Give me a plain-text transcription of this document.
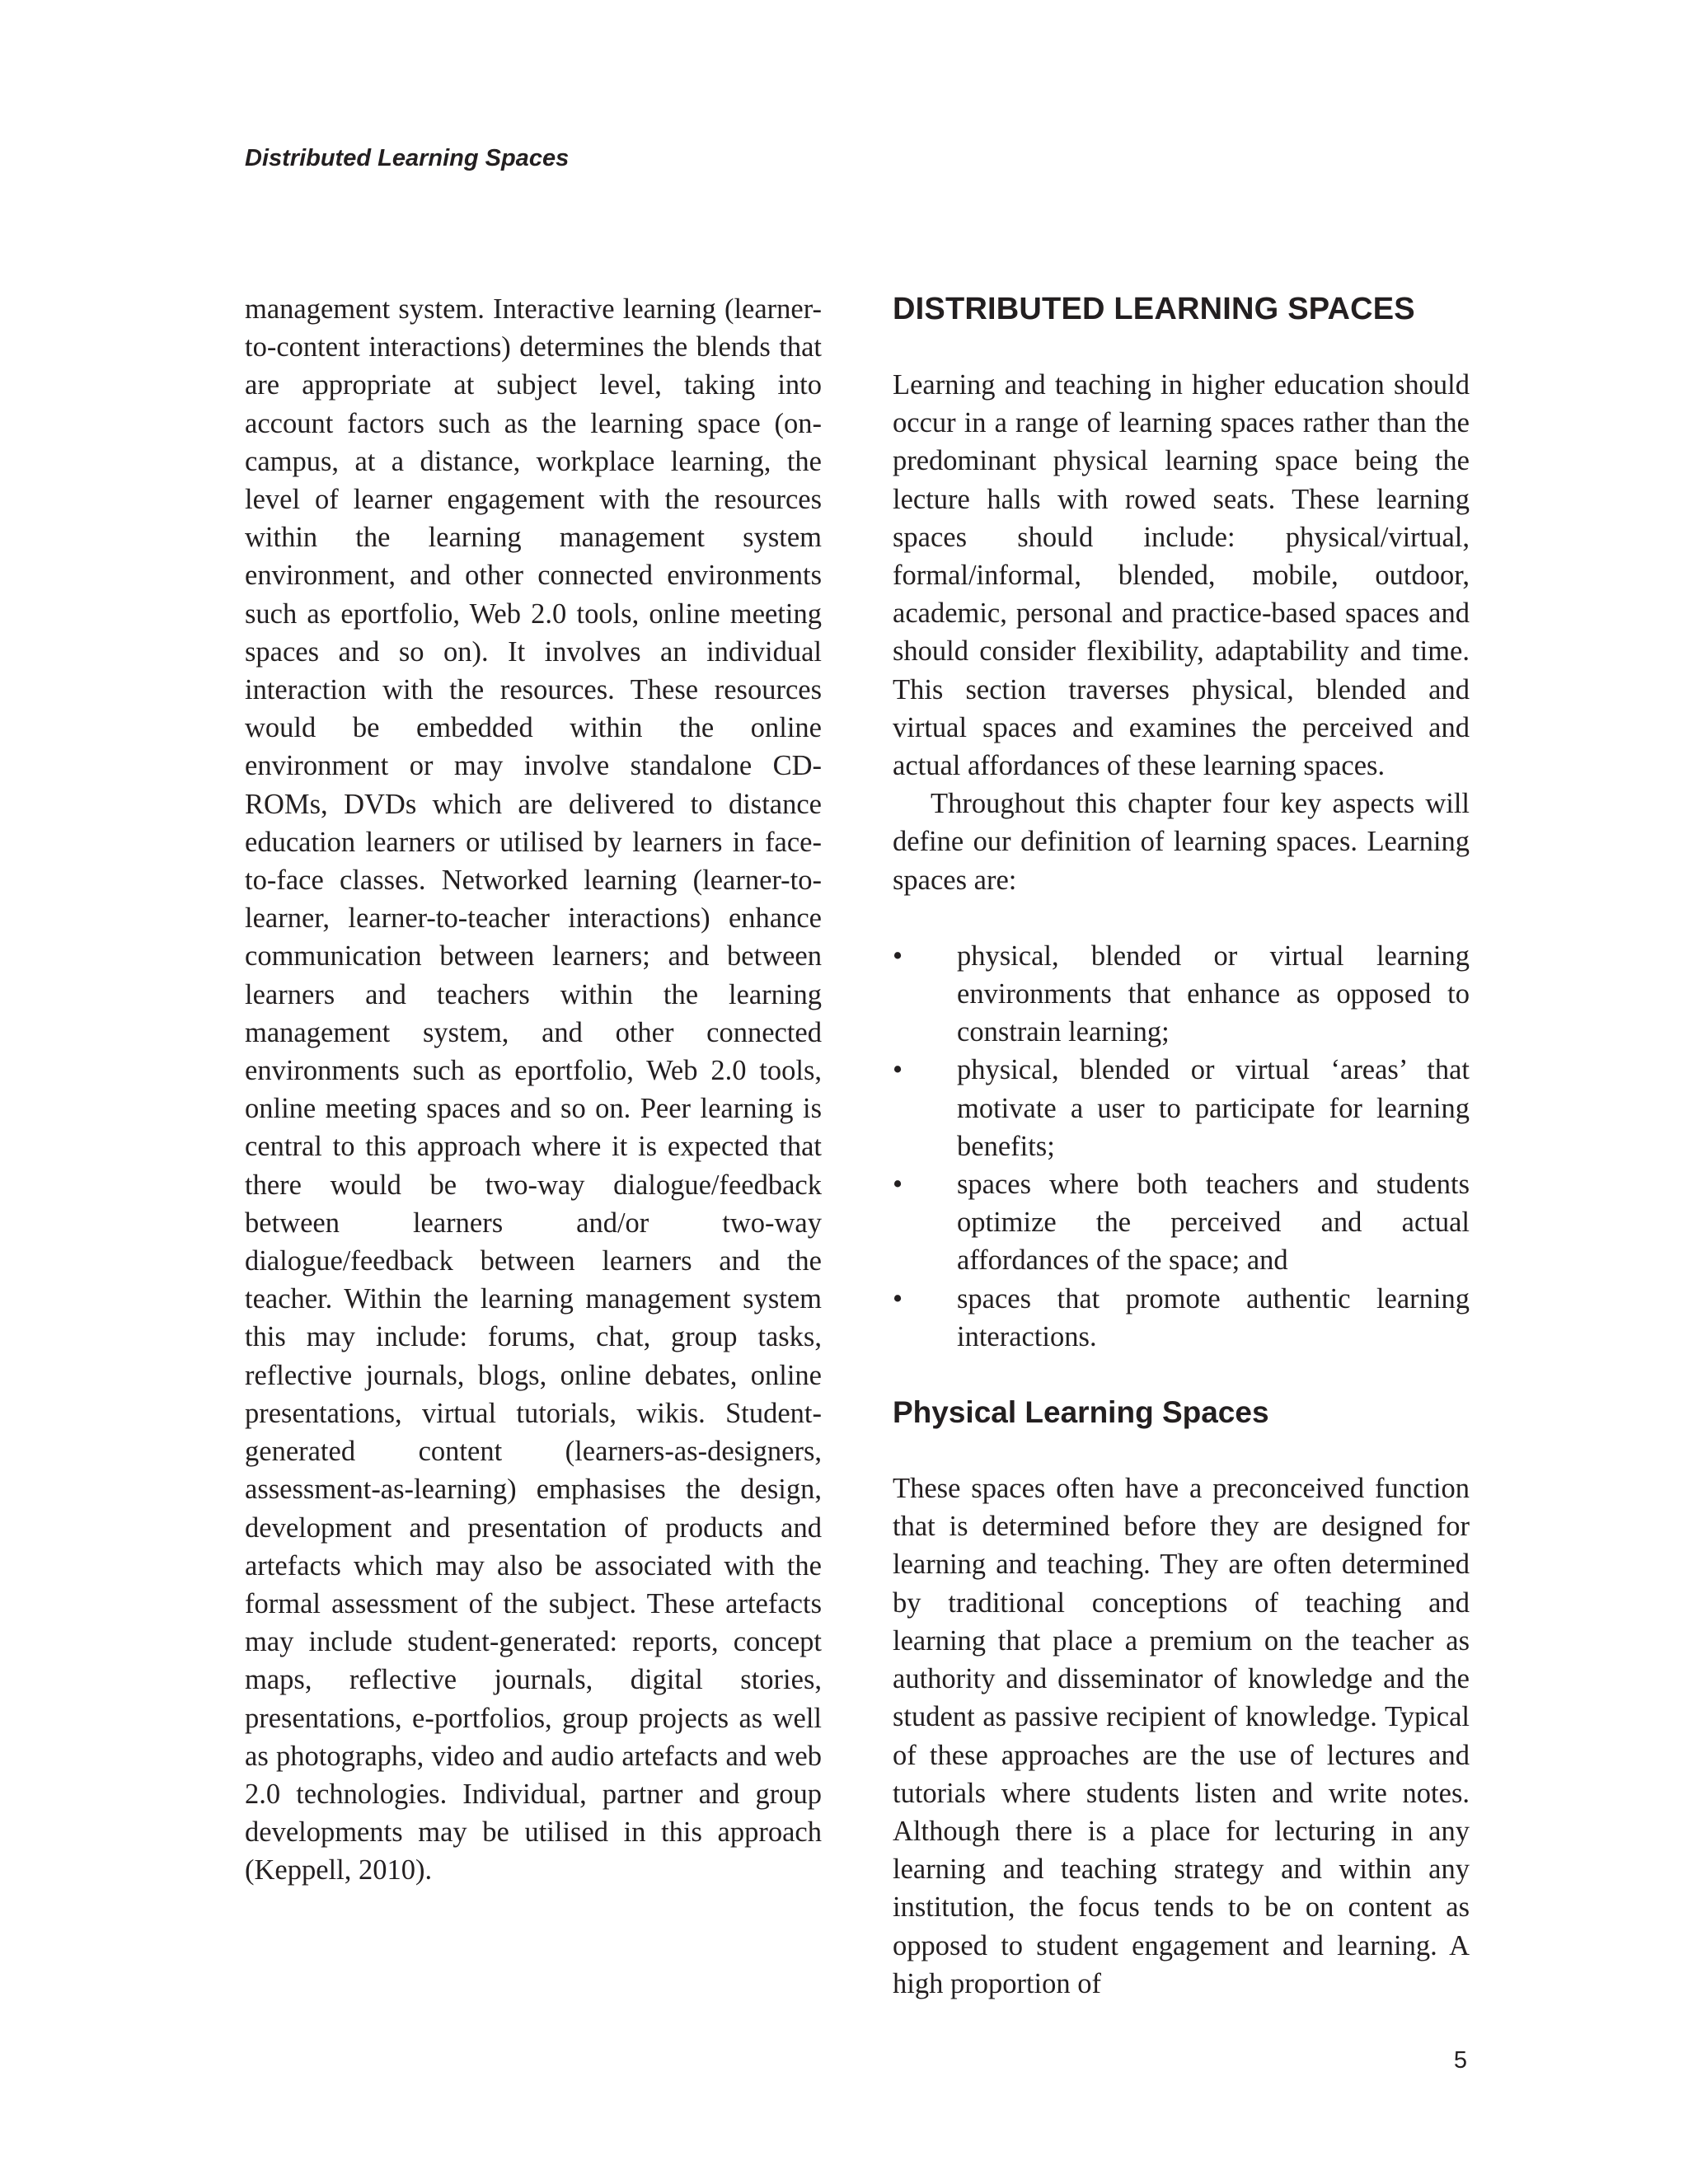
Distributed Learning Spaces

management system. Interactive learning (learner-to-content interactions) determines the blends that are appropriate at subject level, taking into account factors such as the learning space (on-campus, at a distance, workplace learning, the level of learner engagement with the resources within the learning management system environment, and other connected environments such as eportfolio, Web 2.0 tools, online meeting spaces and so on). It involves an individual interaction with the resources. These resources would be embedded within the online environment or may involve standalone CD-ROMs, DVDs which are delivered to distance education learners or utilised by learners in face-to-face classes. Networked learning (learner-to-learner, learner-to-teacher interactions) enhance communication between learners; and between learners and teachers within the learning management system, and other connected environments such as eportfolio, Web 2.0 tools, online meeting spaces and so on. Peer learning is central to this approach where it is expected that there would be two-way dialogue/feedback between learners and/or two-way dialogue/feedback between learners and the teacher. Within the learning management system this may include: forums, chat, group tasks, reflective journals, blogs, online debates, online presentations, virtual tutorials, wikis. Student-generated content (learners-as-designers, assessment-as-learning) emphasises the design, development and presentation of products and artefacts which may also be associated with the formal assessment of the subject. These artefacts may include student-generated: reports, concept maps, reflective journals, digital stories, presentations, e-portfolios, group projects as well as photographs, video and audio artefacts and web 2.0 technologies. Individual, partner and group developments may be utilised in this approach (Keppell, 2010).

DISTRIBUTED LEARNING SPACES

Learning and teaching in higher education should occur in a range of learning spaces rather than the predominant physical learning space being the lecture halls with rowed seats. These learning spaces should include: physical/virtual, formal/informal, blended, mobile, outdoor, academic, personal and practice-based spaces and should consider flexibility, adaptability and time. This section traverses physical, blended and virtual spaces and examines the perceived and actual affordances of these learning spaces.

Throughout this chapter four key aspects will define our definition of learning spaces. Learning spaces are:

• physical, blended or virtual learning environments that enhance as opposed to constrain learning;
• physical, blended or virtual ‘areas’ that motivate a user to participate for learning benefits;
• spaces where both teachers and students optimize the perceived and actual affordances of the space; and
• spaces that promote authentic learning interactions.
Physical Learning Spaces

These spaces often have a preconceived function that is determined before they are designed for learning and teaching. They are often determined by traditional conceptions of teaching and learning that place a premium on the teacher as authority and disseminator of knowledge and the student as passive recipient of knowledge. Typical of these approaches are the use of lectures and tutorials where students listen and write notes. Although there is a place for lecturing in any learning and teaching strategy and within any institution, the focus tends to be on content as opposed to student engagement and learning. A high proportion of

5
